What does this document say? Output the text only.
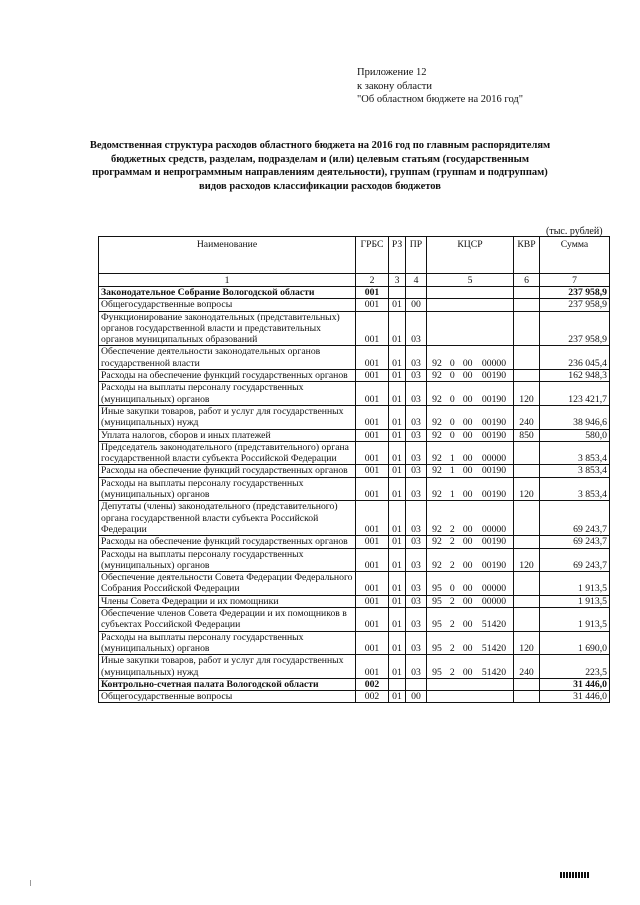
Приложение 12
к закону области
"Об областном бюджете на 2016 год"
Ведомственная структура расходов областного бюджета на 2016 год по главным распорядителям бюджетных средств, разделам, подразделам и (или) целевым статьям (государственным программам и непрограммным направлениям деятельности), группам (группам и подгруппам) видов расходов классификации расходов бюджетов
(тыс. рублей)
Наименование	ГРБС	РЗ	ПР	КЦСР	КВР	Сумма
1	2	3	4	5	6	7
Законодательное Собрание Вологодской области	001					237 958,9
Общегосударственные вопросы	001	01	00			237 958,9
Функционирование законодательных (представительных) органов государственной власти и представительных органов муниципальных образований	001	01	03			237 958,9
Обеспечение деятельности законодательных органов государственной власти	001	01	03	92 0 00 00000		236 045,4
Расходы на обеспечение функций государственных органов	001	01	03	92 0 00 00190		162 948,3
Расходы на выплаты персоналу государственных (муниципальных) органов	001	01	03	92 0 00 00190	120	123 421,7
Иные закупки товаров, работ и услуг для государственных (муниципальных) нужд	001	01	03	92 0 00 00190	240	38 946,6
Уплата налогов, сборов и иных платежей	001	01	03	92 0 00 00190	850	580,0
Председатель законодательного (представительного) органа государственной власти субъекта Российской Федерации	001	01	03	92 1 00 00000		3 853,4
Расходы на обеспечение функций государственных органов	001	01	03	92 1 00 00190		3 853,4
Расходы на выплаты персоналу государственных (муниципальных) органов	001	01	03	92 1 00 00190	120	3 853,4
Депутаты (члены) законодательного (представительного) органа государственной власти субъекта Российской Федерации	001	01	03	92 2 00 00000		69 243,7
Расходы на обеспечение функций государственных органов	001	01	03	92 2 00 00190		69 243,7
Расходы на выплаты персоналу государственных (муниципальных) органов	001	01	03	92 2 00 00190	120	69 243,7
Обеспечение деятельности Совета Федерации Федерального Собрания Российской Федерации	001	01	03	95 0 00 00000		1 913,5
Члены Совета Федерации и их помощники	001	01	03	95 2 00 00000		1 913,5
Обеспечение членов Совета Федерации и их помощников в субъектах Российской Федерации	001	01	03	95 2 00 51420		1 913,5
Расходы на выплаты персоналу государственных (муниципальных) органов	001	01	03	95 2 00 51420	120	1 690,0
Иные закупки товаров, работ и услуг для государственных (муниципальных) нужд	001	01	03	95 2 00 51420	240	223,5
Контрольно-счетная палата Вологодской области	002					31 446,0
Общегосударственные вопросы	002	01	00			31 446,0
